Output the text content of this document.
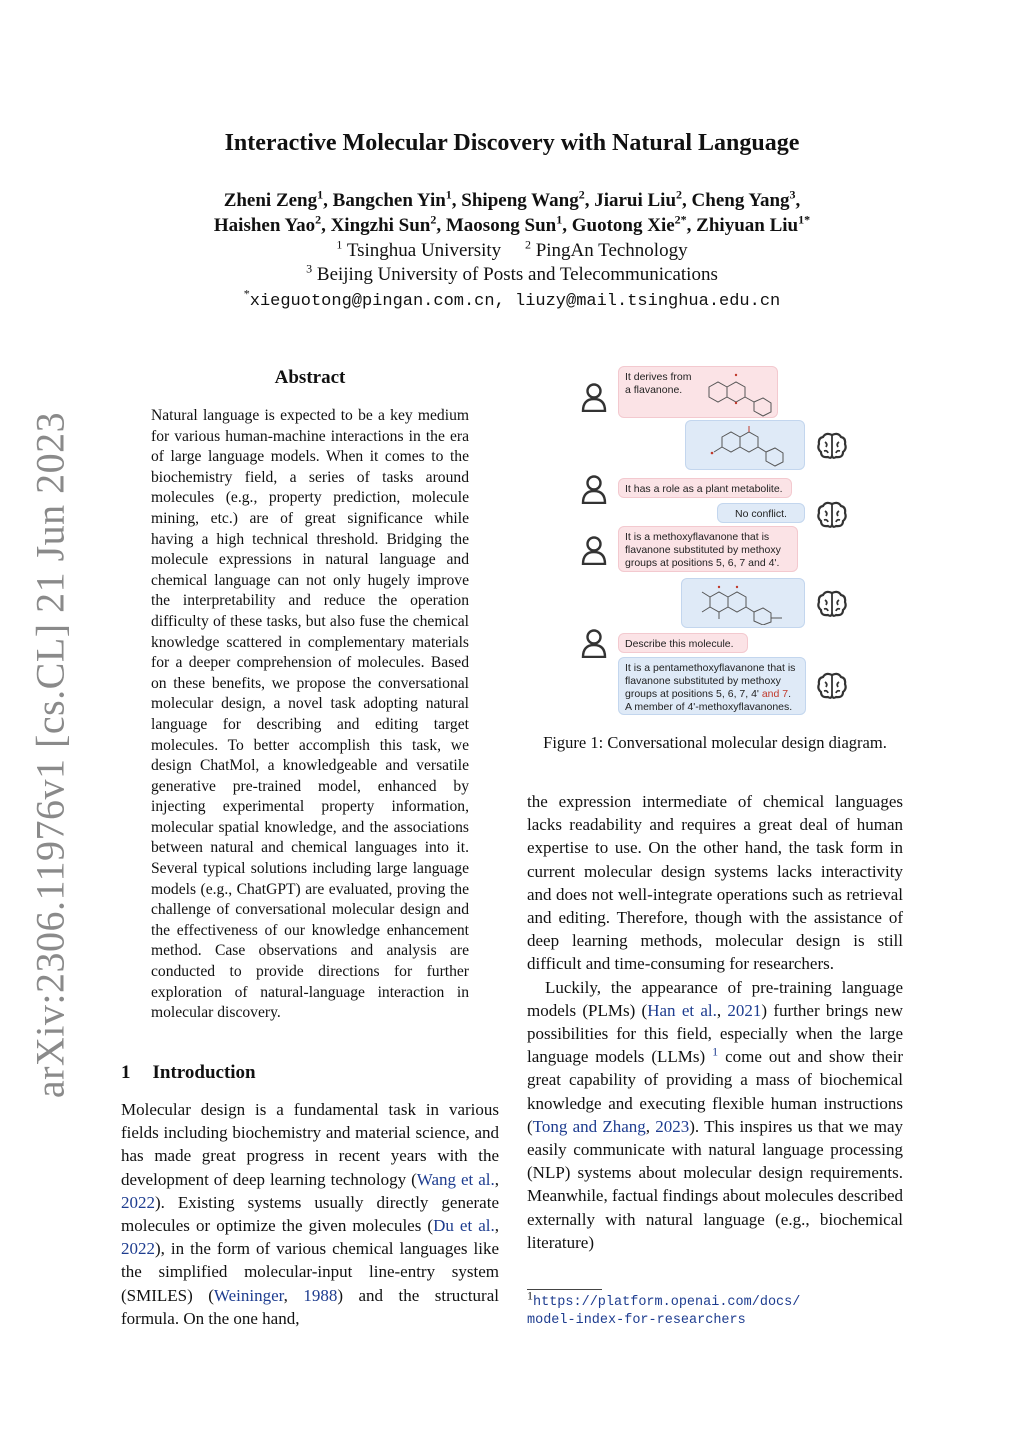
arXiv:2306.11976v1 [cs.CL] 21 Jun 2023
Interactive Molecular Discovery with Natural Language
Zheni Zeng$^1$, Bangchen Yin$^1$, Shipeng Wang$^2$, Jiarui Liu$^2$, Cheng Yang$^3$,
Haishen Yao$^2$, Xingzhi Sun$^2$, Maosong Sun$^1$, Guotong Xie$^{2*}$, Zhiyuan Liu$^{1*}$
$^1$ Tsinghua University $^2$ PingAn Technology
$^3$ Beijing University of Posts and Telecommunications
*xieguotong@pingan.com.cn, liuzy@mail.tsinghua.edu.cn
Abstract
Natural language is expected to be a key medium for various human-machine interactions in the era of large language models. When it comes to the biochemistry field, a series of tasks around molecules (e.g., property prediction, molecule mining, etc.) are of great significance while having a high technical threshold. Bridging the molecule expressions in natural language and chemical language can not only hugely improve the interpretability and reduce the operation difficulty of these tasks, but also fuse the chemical knowledge scattered in complementary materials for a deeper comprehension of molecules. Based on these benefits, we propose the conversational molecular design, a novel task adopting natural language for describing and editing target molecules. To better accomplish this task, we design ChatMol, a knowledgeable and versatile generative pre-trained model, enhanced by injecting experimental property information, molecular spatial knowledge, and the associations between natural and chemical languages into it. Several typical solutions including large language models (e.g., ChatGPT) are evaluated, proving the challenge of conversational molecular design and the effectiveness of our knowledge enhancement method. Case observations and analysis are conducted to provide directions for further exploration of natural-language interaction in molecular discovery.
1 Introduction
Molecular design is a fundamental task in various fields including biochemistry and material science, and has made great progress in recent years with the development of deep learning technology (Wang et al., 2022). Existing systems usually directly generate molecules or optimize the given molecules (Du et al., 2022), in the form of various chemical languages like the simplified molecular-input line-entry system (SMILES) (Weininger, 1988) and the structural formula. On the one hand,

the expression intermediate of chemical languages lacks readability and requires a great deal of human expertise to use. On the other hand, the task form in current molecular design systems lacks interactivity and does not well-integrate operations such as retrieval and editing. Therefore, though with the assistance of deep learning methods, molecular design is still difficult and time-consuming for researchers.

Luckily, the appearance of pre-training language models (PLMs) (Han et al., 2021) further brings new possibilities for this field, especially when the large language models (LLMs) $^1$ come out and show their great capability of providing a mass of biochemical knowledge and executing flexible human instructions (Tong and Zhang, 2023). This inspires us that we may easily communicate with natural language processing (NLP) systems about molecular design requirements. Meanwhile, factual findings about molecules described externally with natural language (e.g., biochemical literature)

$^1$https://platform.openai.com/docs/
model-index-for-researchers
It derives from a flavanone.
It has a role as a plant metabolite.
No conflict.
It is a methoxyflavanone that is flavanone substituted by methoxy groups at positions 5, 6, 7 and 4'.
Describe this molecule.
It is a pentamethoxyflavanone that is flavanone substituted by methoxy groups at positions 5, 6, 7, 4' and 7. A member of 4'-methoxyflavanones.
Figure 1: Conversational molecular design diagram.
